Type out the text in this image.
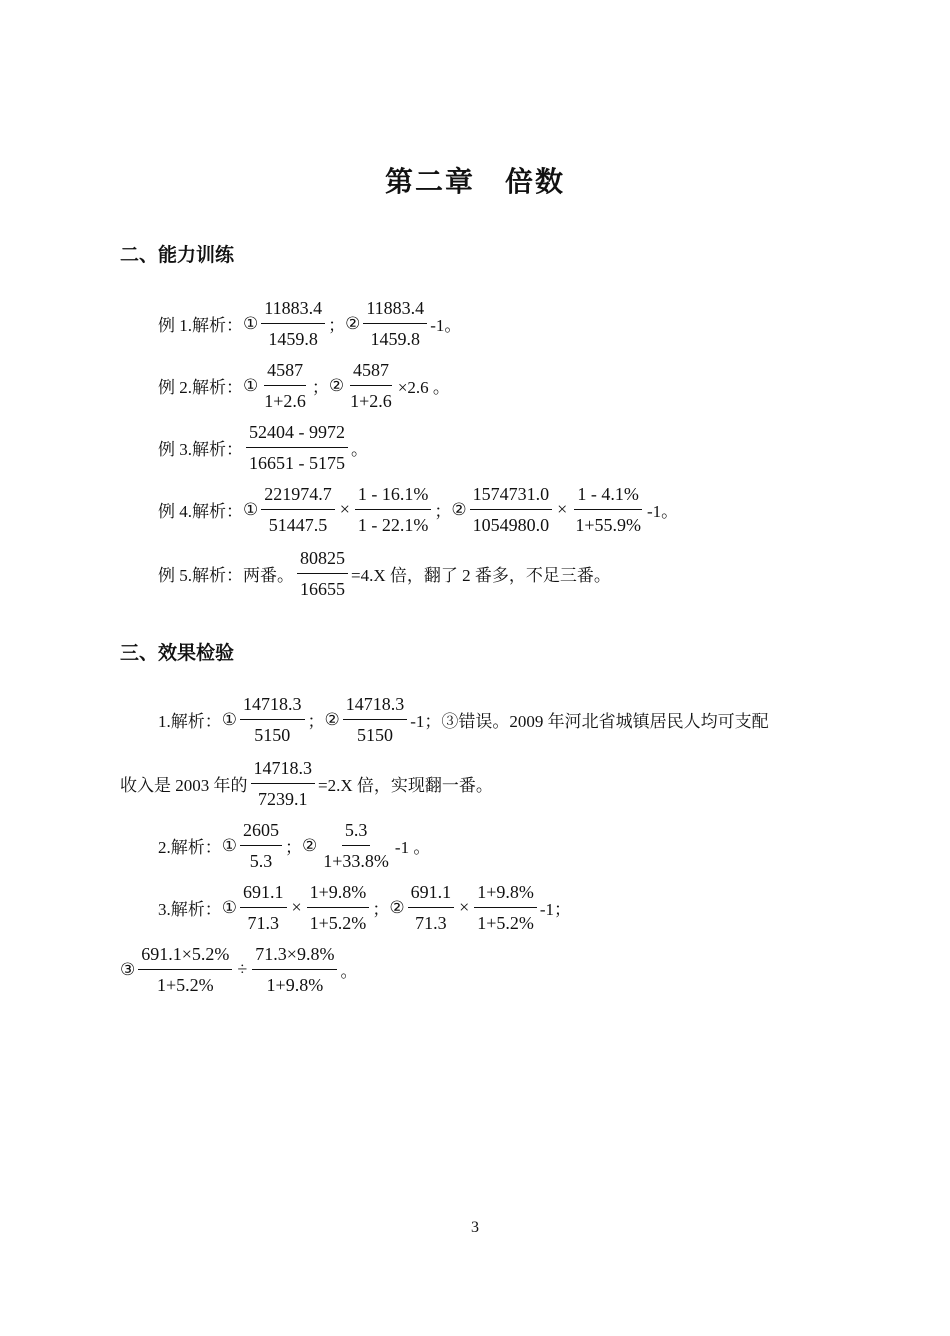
第二章　倍数
二、能力训练
例 1.解析： ① $\frac{11883.4}{1459.8}$ ； ② $\frac{11883.4}{1459.8} -1$。
例 2.解析： ① $\frac{4587}{1+2.6}$ ； ② $\frac{4587}{1+2.6} \times 2.6$ 。
例 3.解析： $\frac{52404 - 9972}{16651 - 5175}$ 。
例 4.解析： ① $\frac{221974.7}{51447.5} \times \frac{1 - 16.1\%}{1 - 22.1\%}$ ； ② $\frac{1574731.0}{1054980.0} \times \frac{1 - 4.1\%}{1+55.9\%} -1$。
例 5.解析：两番。 $\frac{80825}{16655} =4.X$ 倍，翻了 2 番多，不足三番。
三、效果检验
1.解析： ① $\frac{14718.3}{5150}$ ； ② $\frac{14718.3}{5150} -1$；③错误。2009 年河北省城镇居民人均可支配
收入是 2003 年的 $\frac{14718.3}{7239.1} =2.X$ 倍，实现翻一番。
2.解析： ① $\frac{2605}{5.3}$ ； ② $\frac{5.3}{1+33.8\%} -1$ 。
3.解析： ① $\frac{691.1}{71.3} \times \frac{1+9.8\%}{1+5.2\%}$ ； ② $\frac{691.1}{71.3} \times \frac{1+9.8\%}{1+5.2\%} -1$；
③ $\frac{691.1\times 5.2\%}{1+5.2\%} \div \frac{71.3\times 9.8\%}{1+9.8\%}$ 。
3
